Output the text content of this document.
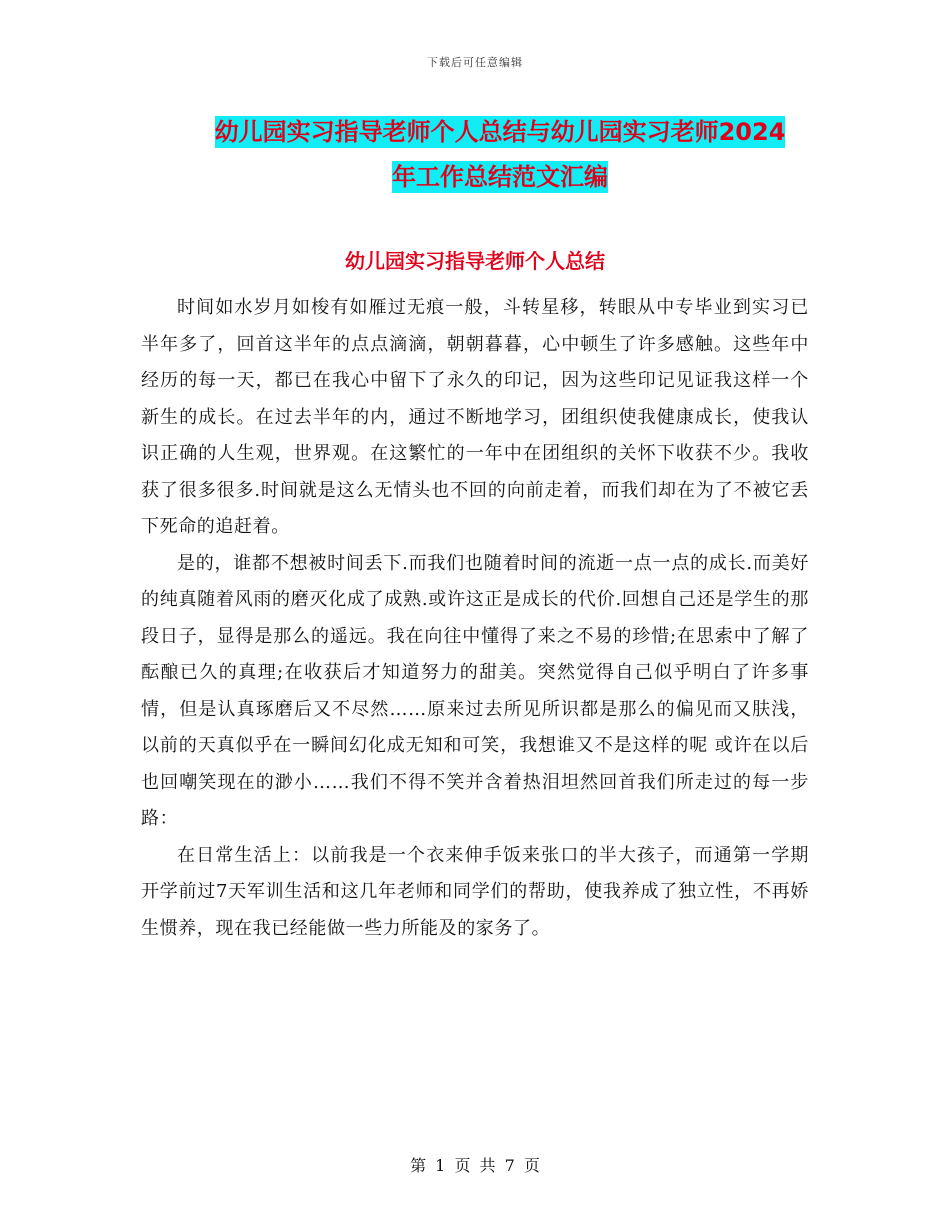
下载后可任意编辑
幼儿园实习指导老师个人总结与幼儿园实习老师2024
年工作总结范文汇编
幼儿园实习指导老师个人总结

时间如水岁月如梭有如雁过无痕一般，斗转星移，转眼从中专毕业到实习已半年多了，回首这半年的点点滴滴，朝朝暮暮，心中顿生了许多感触。这些年中经历的每一天，都已在我心中留下了永久的印记，因为这些印记见证我这样一个新生的成长。在过去半年的内，通过不断地学习，团组织使我健康成长，使我认识正确的人生观，世界观。在这繁忙的一年中在团组织的关怀下收获不少。我收获了很多很多.时间就是这么无情头也不回的向前走着，而我们却在为了不被它丢下死命的追赶着。

是的，谁都不想被时间丢下.而我们也随着时间的流逝一点一点的成长.而美好的纯真随着风雨的磨灭化成了成熟.或许这正是成长的代价.回想自己还是学生的那段日子，显得是那么的遥远。我在向往中懂得了来之不易的珍惜;在思索中了解了酝酿已久的真理;在收获后才知道努力的甜美。突然觉得自己似乎明白了许多事情，但是认真琢磨后又不尽然……原来过去所见所识都是那么的偏见而又肤浅，以前的天真似乎在一瞬间幻化成无知和可笑，我想谁又不是这样的呢 或许在以后也回嘲笑现在的渺小……我们不得不笑并含着热泪坦然回首我们所走过的每一步路：

在日常生活上：以前我是一个衣来伸手饭来张口的半大孩子，而通第一学期开学前过7天军训生活和这几年老师和同学们的帮助，使我养成了独立性，不再娇生惯养，现在我已经能做一些力所能及的家务了。

第 1 页 共 7 页
